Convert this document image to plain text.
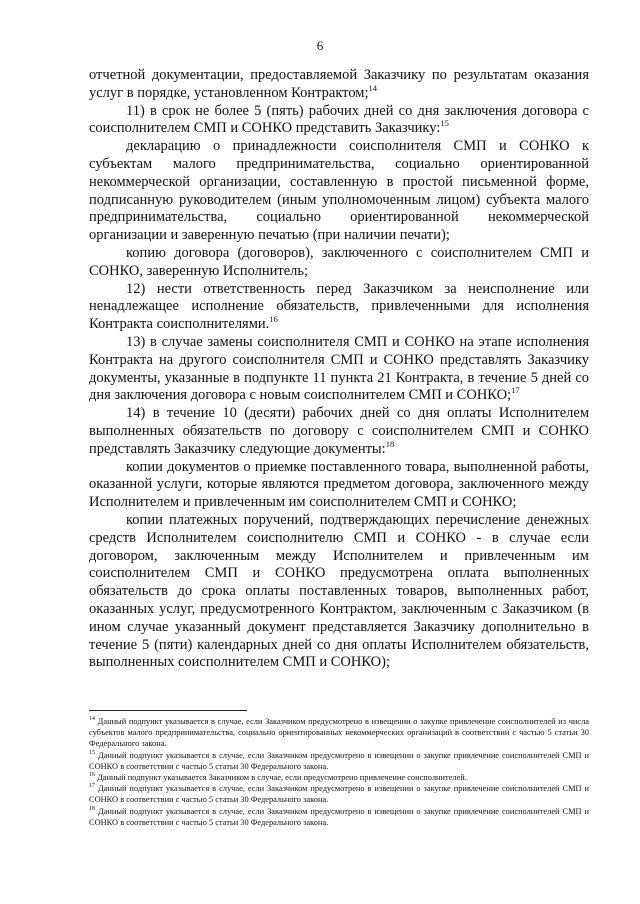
6

отчетной документации, предоставляемой Заказчику по результатам оказания услуг в порядке, установленном Контрактом;$^{14}$

11) в срок не более 5 (пять) рабочих дней со дня заключения договора с соисполнителем СМП и СОНКО представить Заказчику:$^{15}$

декларацию о принадлежности соисполнителя СМП и СОНКО к субъектам малого предпринимательства, социально ориентированной некоммерческой организации, составленную в простой письменной форме, подписанную руководителем (иным уполномоченным лицом) субъекта малого предпринимательства, социально ориентированной некоммерческой организации и заверенную печатью (при наличии печати);

копию договора (договоров), заключенного с соисполнителем СМП и СОНКО, заверенную Исполнитель;

12) нести ответственность перед Заказчиком за неисполнение или ненадлежащее исполнение обязательств, привлеченными для исполнения Контракта соисполнителями.$^{16}$

13) в случае замены соисполнителя СМП и СОНКО на этапе исполнения Контракта на другого соисполнителя СМП и СОНКО представлять Заказчику документы, указанные в подпункте 11 пункта 21 Контракта, в течение 5 дней со дня заключения договора с новым соисполнителем СМП и СОНКО;$^{17}$

14) в течение 10 (десяти) рабочих дней со дня оплаты Исполнителем выполненных обязательств по договору с соисполнителем СМП и СОНКО представлять Заказчику следующие документы:$^{18}$

копии документов о приемке поставленного товара, выполненной работы, оказанной услуги, которые являются предметом договора, заключенного между Исполнителем и привлеченным им соисполнителем СМП и СОНКО;

копии платежных поручений, подтверждающих перечисление денежных средств Исполнителем соисполнителю СМП и СОНКО - в случае если договором, заключенным между Исполнителем и привлеченным им соисполнителем СМП и СОНКО предусмотрена оплата выполненных обязательств до срока оплаты поставленных товаров, выполненных работ, оказанных услуг, предусмотренного Контрактом, заключенным с Заказчиком (в ином случае указанный документ представляется Заказчику дополнительно в течение 5 (пяти) календарных дней со дня оплаты Исполнителем обязательств, выполненных соисполнителем СМП и СОНКО);

$^{14}$ Данный подпункт указывается в случае, если Заказчиком предусмотрено в извещении о закупке привлечение соисполнителей из числа субъектов малого предпринимательства, социально ориентированных некоммерческих организаций в соответствии с частью 5 статьи 30 Федерального закона.

$^{15}$ Данный подпункт указывается в случае, если Заказчиком предусмотрено в извещении о закупке привлечение соисполнителей СМП и СОНКО в соответствии с частью 5 статьи 30 Федерального закона.

$^{16}$ Данный подпункт указывается Заказчиком в случае, если предусмотрено привлечение соисполнителей.

$^{17}$ Данный подпункт указывается в случае, если Заказчиком предусмотрено в извещении о закупке привлечение соисполнителей СМП и СОНКО в соответствии с частью 5 статьи 30 Федерального закона.

$^{18}$ Данный подпункт указывается в случае, если Заказчиком предусмотрено в извещении о закупке привлечение соисполнителей СМП и СОНКО в соответствии с частью 5 статьи 30 Федерального закона.
